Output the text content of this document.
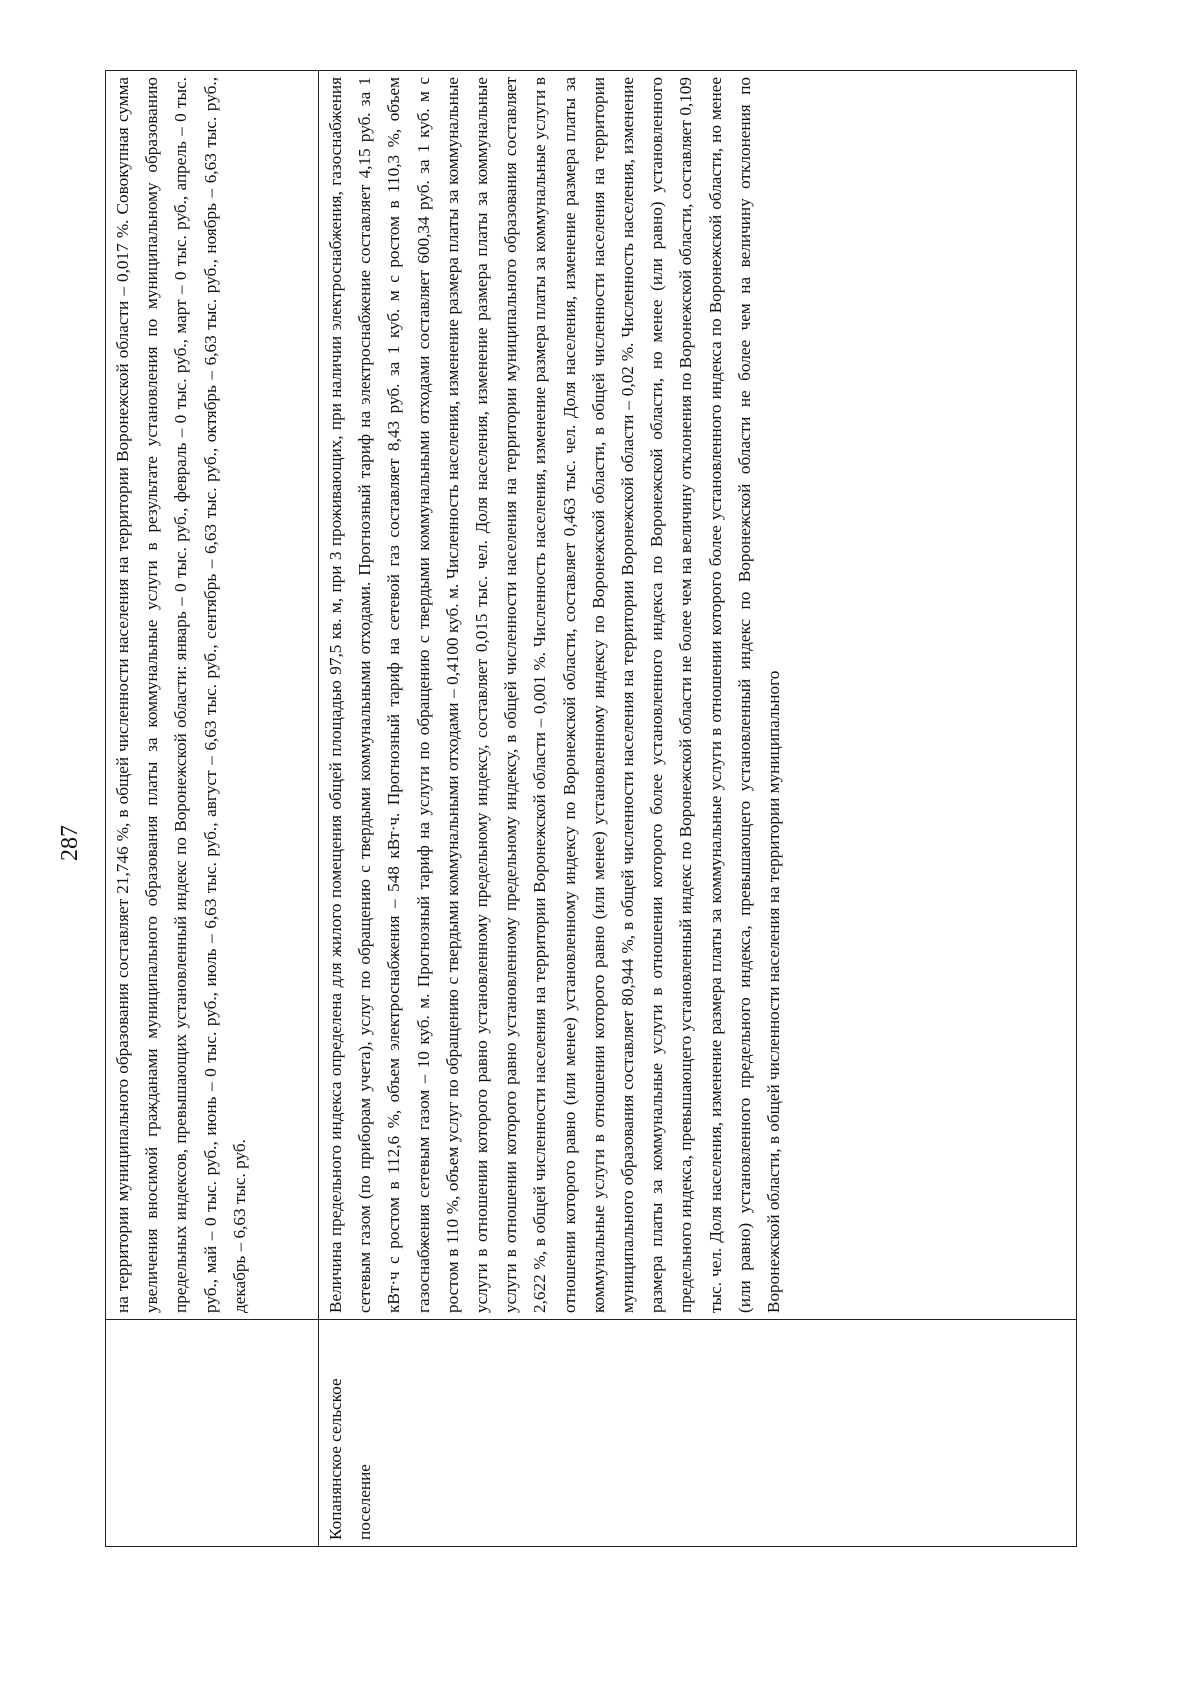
287
	на территории муниципального образования составляет 21,746 %, в общей численности населения на территории Воронежской области – 0,017 %. Совокупная сумма увеличения вносимой гражданами муниципального образования платы за коммунальные услуги в результате установления по муниципальному образованию предельных индексов, превышающих установленный индекс по Воронежской области: январь – 0 тыс. руб., февраль – 0 тыс. руб., март – 0 тыс. руб., апрель – 0 тыс. руб., май – 0 тыс. руб., июнь – 0 тыс. руб., июль – 6,63 тыс. руб., август – 6,63 тыс. руб., сентябрь – 6,63 тыс. руб., октябрь – 6,63 тыс. руб., ноябрь – 6,63 тыс. руб., декабрь – 6,63 тыс. руб.

Копанянское сельское поселение	Величина предельного индекса определена для жилого помещения общей площадью 97,5 кв. м, при 3 проживающих, при наличии электроснабжения, газоснабжения сетевым газом (по приборам учета), услуг по обращению с твердыми коммунальными отходами. Прогнозный тариф на электроснабжение составляет 4,15 руб. за 1 кВт·ч с ростом в 112,6 %, объем электроснабжения – 548 кВт·ч. Прогнозный тариф на сетевой газ составляет 8,43 руб. за 1 куб. м с ростом в 110,3 %, объем газоснабжения сетевым газом – 10 куб. м. Прогнозный тариф на услуги по обращению с твердыми коммунальными отходами составляет 600,34 руб. за 1 куб. м с ростом в 110 %, объем услуг по обращению с твердыми коммунальными отходами – 0,4100 куб. м. Численность населения, изменение размера платы за коммунальные услуги в отношении которого равно установленному предельному индексу, составляет 0,015 тыс. чел. Доля населения, изменение размера платы за коммунальные услуги в отношении которого равно установленному предельному индексу, в общей численности населения на территории муниципального образования составляет 2,622 %, в общей численности населения на территории Воронежской области – 0,001 %. Численность населения, изменение размера платы за коммунальные услуги в отношении которого равно (или менее) установленному индексу по Воронежской области, составляет 0,463 тыс. чел. Доля населения, изменение размера платы за коммунальные услуги в отношении которого равно (или менее) установленному индексу по Воронежской области, в общей численности населения на территории муниципального образования составляет 80,944 %, в общей численности населения на территории Воронежской области – 0,02 %. Численность населения, изменение размера платы за коммунальные услуги в отношении которого более установленного индекса по Воронежской области, но менее (или равно) установленного предельного индекса, превышающего установленный индекс по Воронежской области не более чем на величину отклонения по Воронежской области, составляет 0,109 тыс. чел. Доля населения, изменение размера платы за коммунальные услуги в отношении которого более установленного индекса по Воронежской области, но менее (или равно) установленного предельного индекса, превышающего установленный индекс по Воронежской области не более чем на величину отклонения по Воронежской области, в общей численности населения на территории муниципального
